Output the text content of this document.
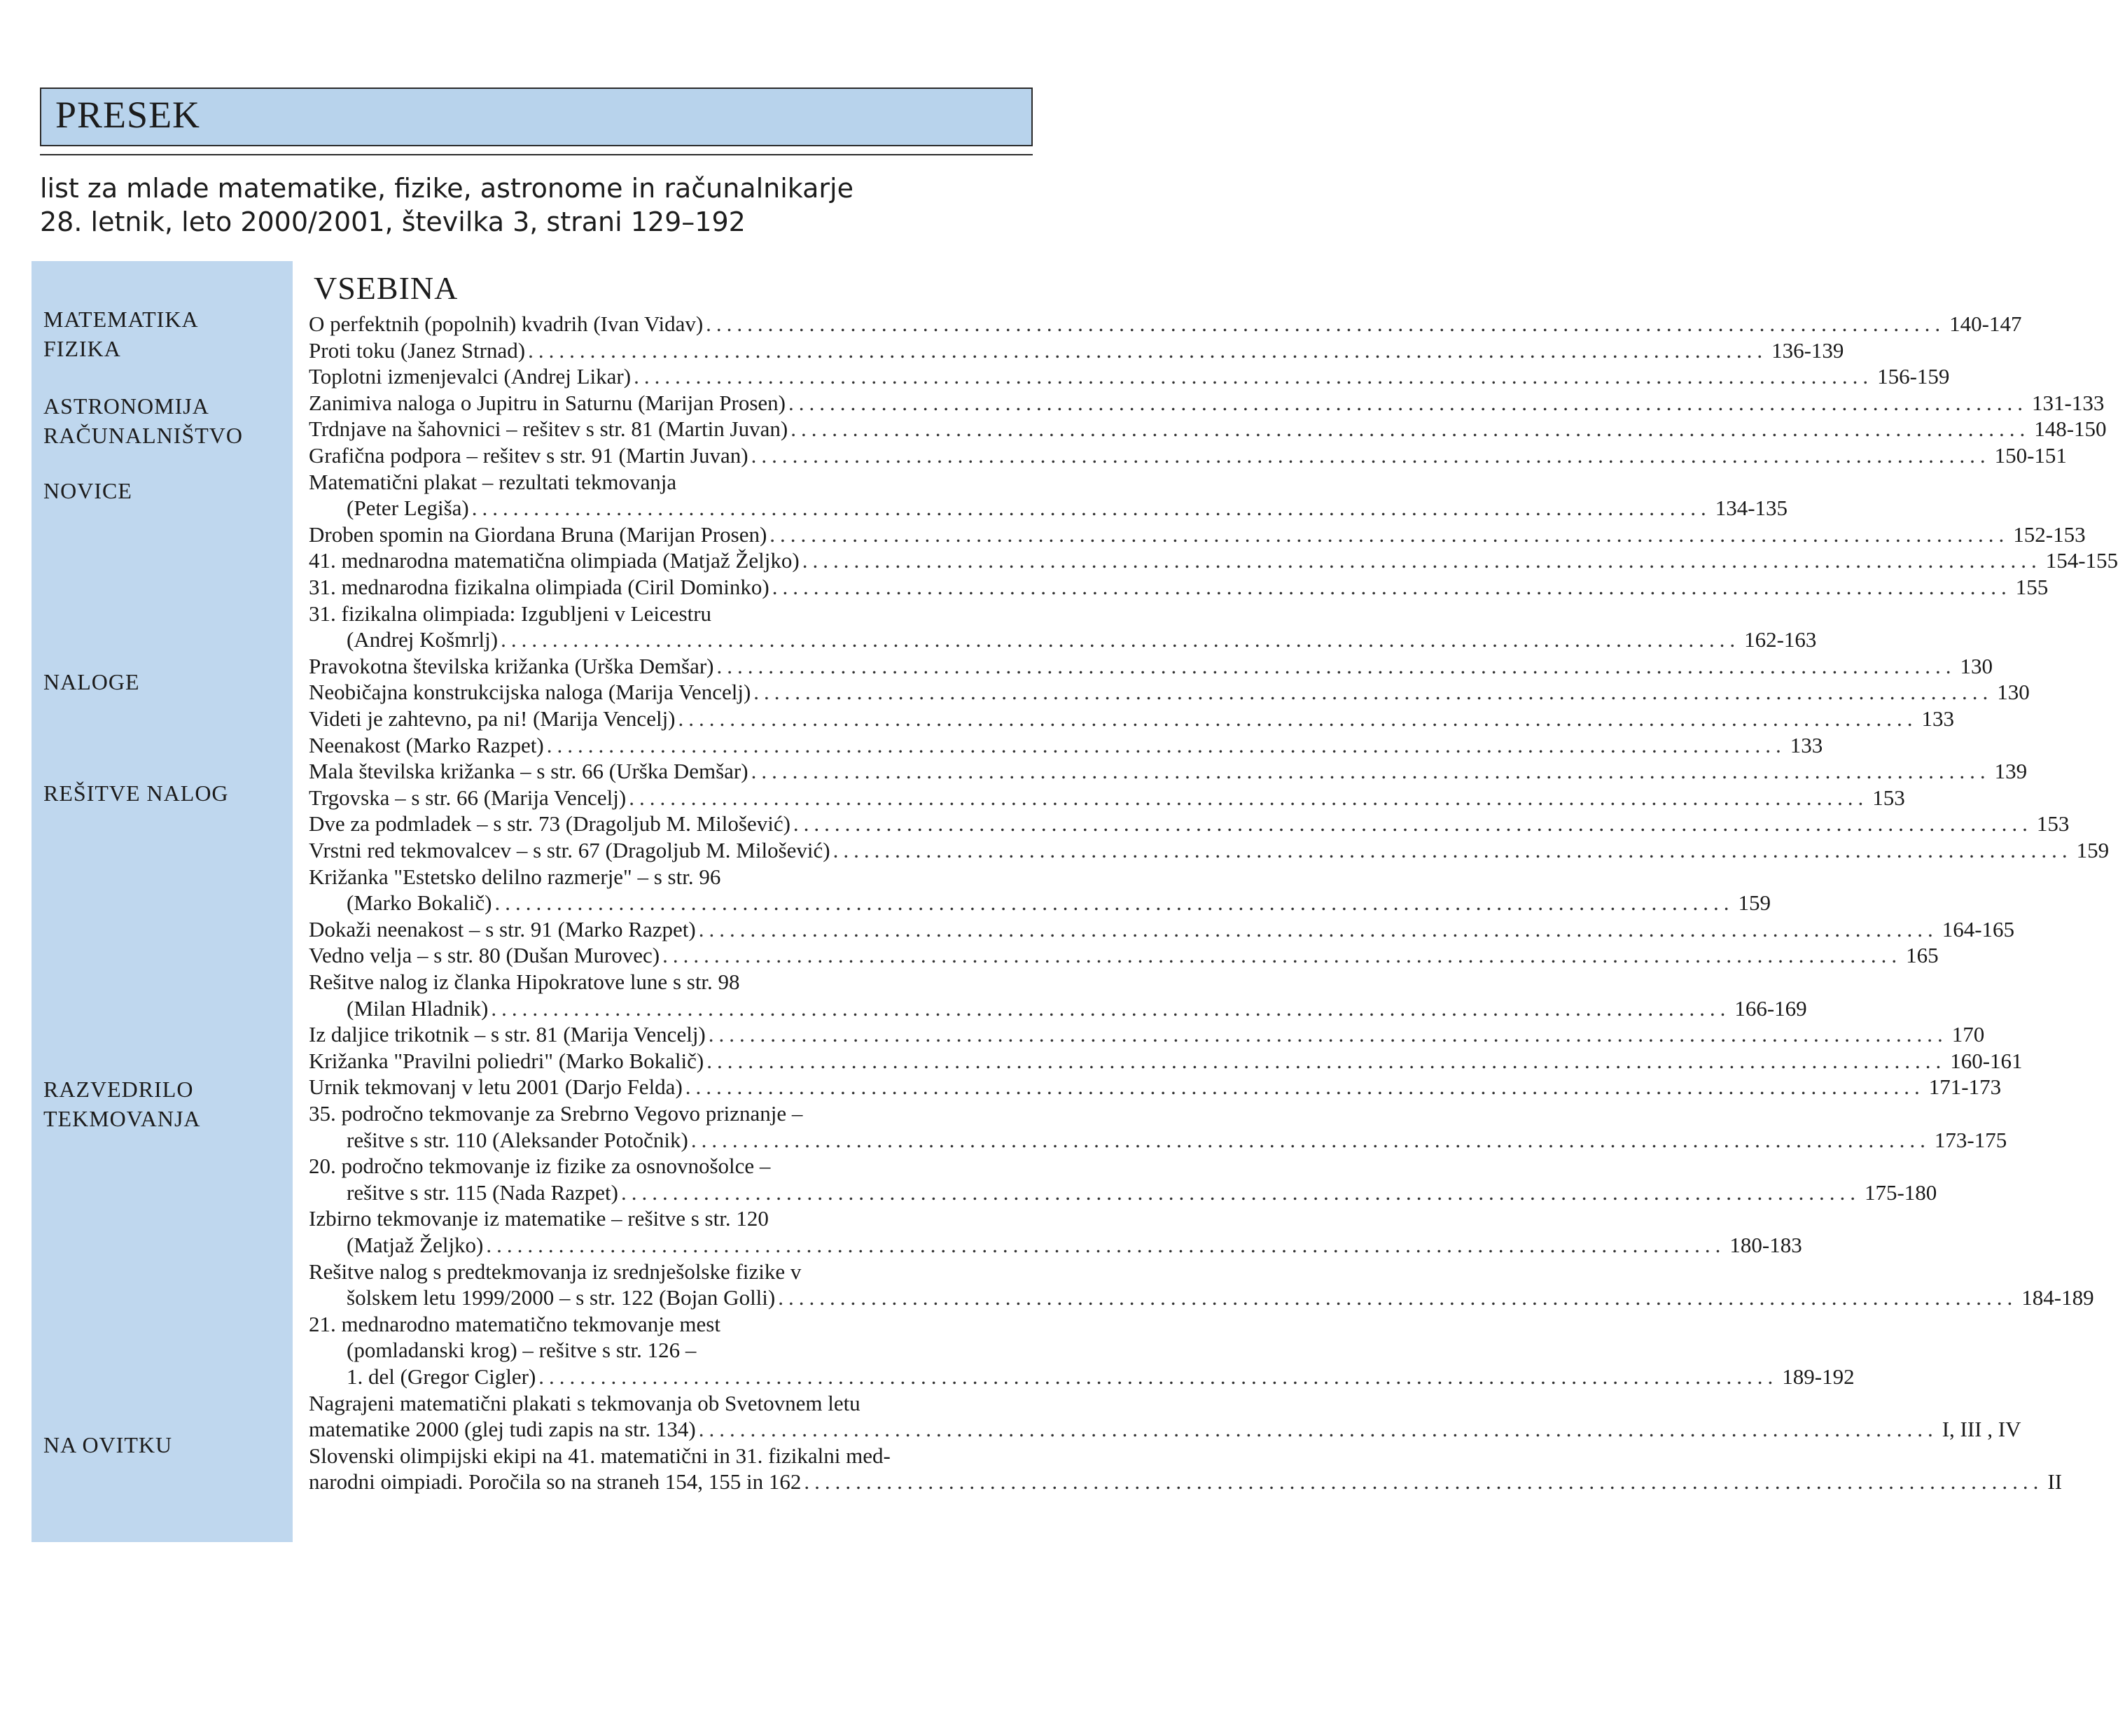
PRESEK
list za mlade matematike, fizike, astronome in računalnikarje
28. letnik, leto 2000/2001, številka 3, strani 129–192
MATEMATIKA
FIZIKA
ASTRONOMIJA
RAČUNALNIŠTVO
NOVICE
NALOGE
REŠITVE NALOG
RAZVEDRILO
TEKMOVANJA
NA OVITKU
VSEBINA
O perfektnih (popolnih) kvadrih (Ivan Vidav) ........................................................................................................................ 140-147
Proti toku (Janez Strnad) ........................................................................................................................ 136-139
Toplotni izmenjevalci (Andrej Likar) ........................................................................................................................ 156-159
Zanimiva naloga o Jupitru in Saturnu (Marijan Prosen) ........................................................................................................................ 131-133
Trdnjave na šahovnici – rešitev s str. 81 (Martin Juvan) ........................................................................................................................ 148-150
Grafična podpora – rešitev s str. 91 (Martin Juvan) ........................................................................................................................ 150-151
Matematični plakat – rezultati tekmovanja
(Peter Legiša) ........................................................................................................................ 134-135
Droben spomin na Giordana Bruna (Marijan Prosen) ........................................................................................................................ 152-153
41. mednarodna matematična olimpiada (Matjaž Željko) ........................................................................................................................ 154-155
31. mednarodna fizikalna olimpiada (Ciril Dominko) ........................................................................................................................ 155
31. fizikalna olimpiada: Izgubljeni v Leicestru
(Andrej Košmrlj) ........................................................................................................................ 162-163
Pravokotna številska križanka (Urška Demšar) ........................................................................................................................ 130
Neobičajna konstrukcijska naloga (Marija Vencelj) ........................................................................................................................ 130
Videti je zahtevno, pa ni! (Marija Vencelj) ........................................................................................................................ 133
Neenakost (Marko Razpet) ........................................................................................................................ 133
Mala številska križanka – s str. 66 (Urška Demšar) ........................................................................................................................ 139
Trgovska – s str. 66 (Marija Vencelj) ........................................................................................................................ 153
Dve za podmladek – s str. 73 (Dragoljub M. Milošević) ........................................................................................................................ 153
Vrstni red tekmovalcev – s str. 67 (Dragoljub M. Milošević) ........................................................................................................................ 159
Križanka "Estetsko delilno razmerje" – s str. 96
(Marko Bokalič) ........................................................................................................................ 159
Dokaži neenakost – s str. 91 (Marko Razpet) ........................................................................................................................ 164-165
Vedno velja – s str. 80 (Dušan Murovec) ........................................................................................................................ 165
Rešitve nalog iz članka Hipokratove lune s str. 98
(Milan Hladnik) ........................................................................................................................ 166-169
Iz daljice trikotnik – s str. 81 (Marija Vencelj) ........................................................................................................................ 170
Križanka "Pravilni poliedri" (Marko Bokalič) ........................................................................................................................ 160-161
Urnik tekmovanj v letu 2001 (Darjo Felda) ........................................................................................................................ 171-173
35. področno tekmovanje za Srebrno Vegovo priznanje –
rešitve s str. 110 (Aleksander Potočnik) ........................................................................................................................ 173-175
20. področno tekmovanje iz fizike za osnovnošolce –
rešitve s str. 115 (Nada Razpet) ........................................................................................................................ 175-180
Izbirno tekmovanje iz matematike – rešitve s str. 120
(Matjaž Željko) ........................................................................................................................ 180-183
Rešitve nalog s predtekmovanja iz srednješolske fizike v
šolskem letu 1999/2000 – s str. 122 (Bojan Golli) ........................................................................................................................ 184-189
21. mednarodno matematično tekmovanje mest
(pomladanski krog) – rešitve s str. 126 –
1. del (Gregor Cigler) ........................................................................................................................ 189-192
Nagrajeni matematični plakati s tekmovanja ob Svetovnem letu
matematike 2000 (glej tudi zapis na str. 134) ........................................................................................................................ I, III , IV
Slovenski olimpijski ekipi na 41. matematični in 31. fizikalni med-
narodni oimpiadi. Poročila so na straneh 154, 155 in 162 ........................................................................................................................ II
